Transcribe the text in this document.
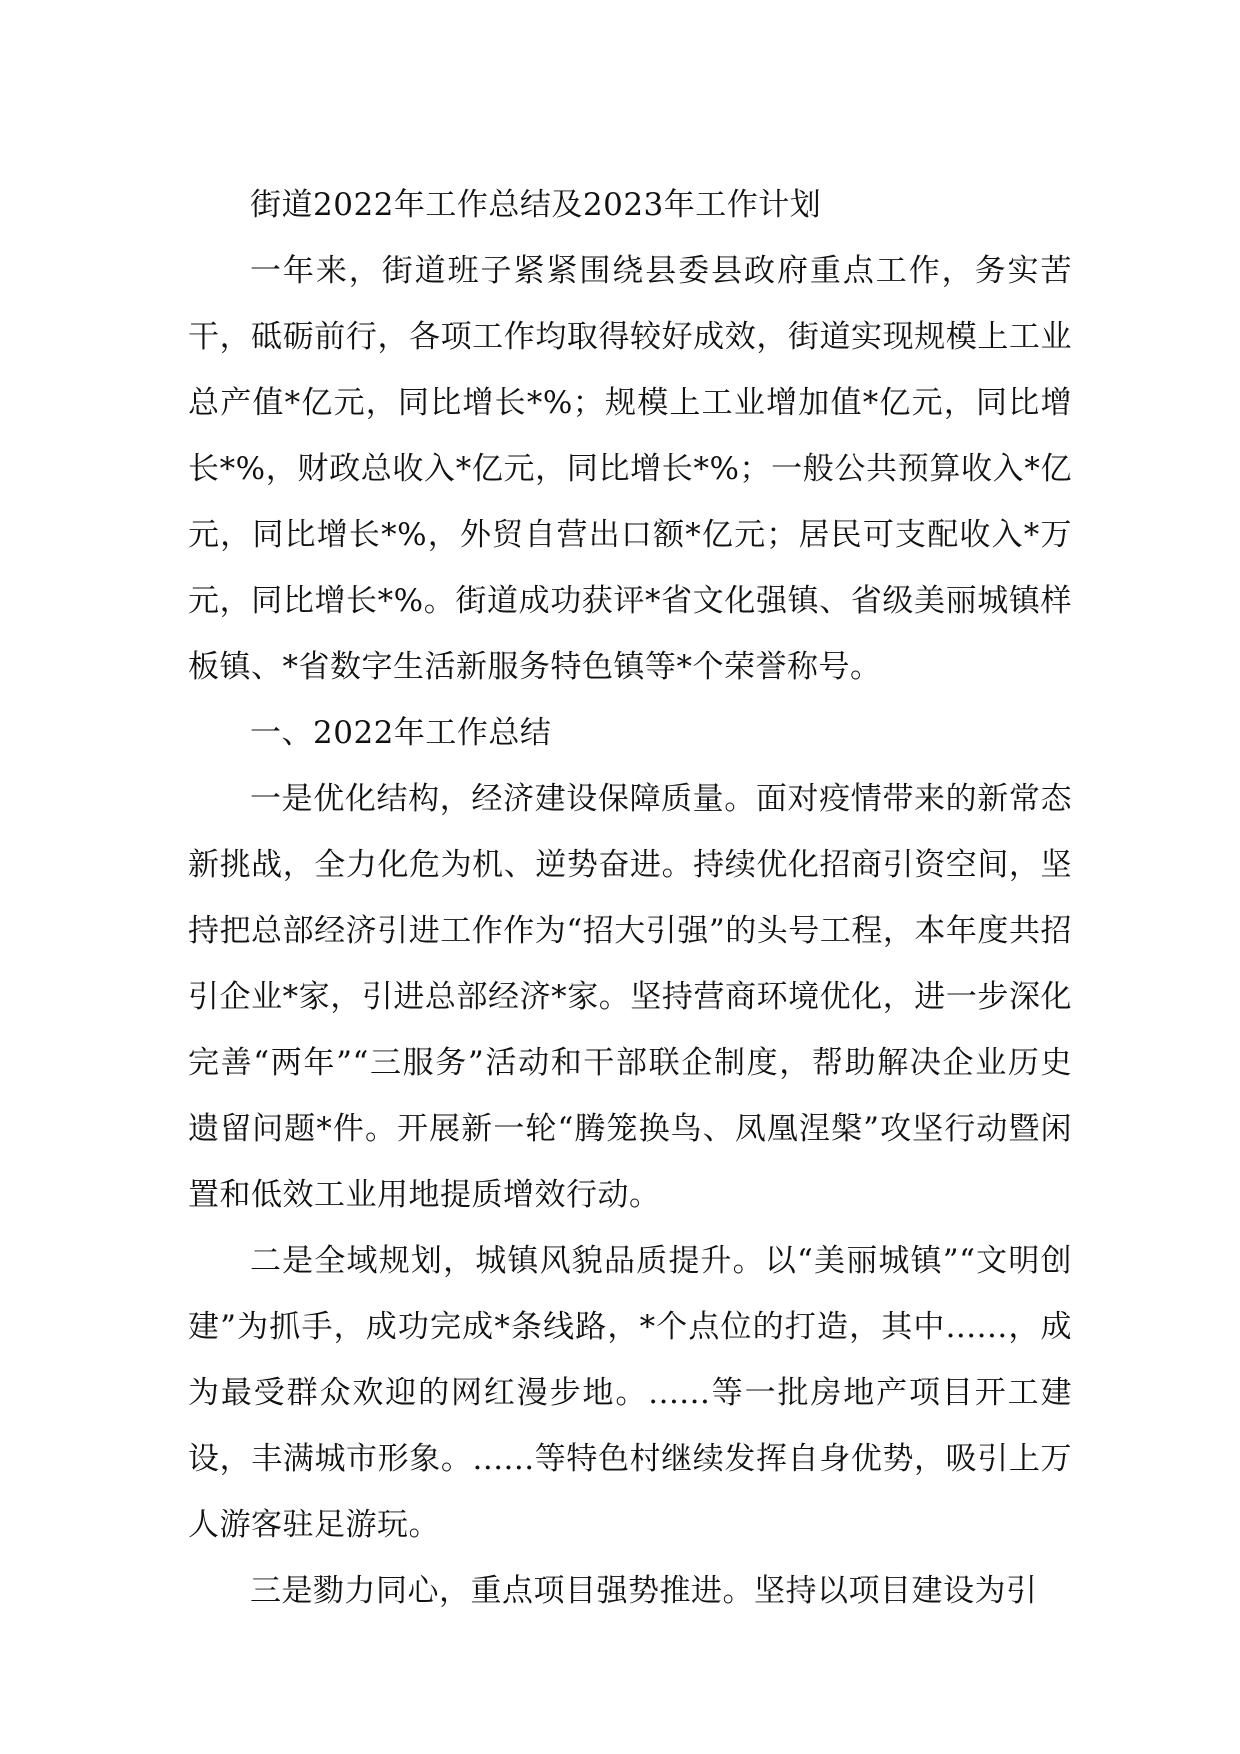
街道2022年工作总结及2023年工作计划

一年来，街道班子紧紧围绕县委县政府重点工作，务实苦干，砥砺前行，各项工作均取得较好成效，街道实现规模上工业总产值*亿元，同比增长*%；规模上工业增加值*亿元，同比增长*%，财政总收入*亿元，同比增长*%；一般公共预算收入*亿元，同比增长*%，外贸自营出口额*亿元；居民可支配收入*万元，同比增长*%。街道成功获评*省文化强镇、省级美丽城镇样板镇、*省数字生活新服务特色镇等*个荣誉称号。

一、2022年工作总结

一是优化结构，经济建设保障质量。面对疫情带来的新常态新挑战，全力化危为机、逆势奋进。持续优化招商引资空间，坚持把总部经济引进工作作为“招大引强”的头号工程，本年度共招引企业*家，引进总部经济*家。坚持营商环境优化，进一步深化完善“两年”“三服务”活动和干部联企制度，帮助解决企业历史遗留问题*件。开展新一轮“腾笼换鸟、凤凰涅槃”攻坚行动暨闲置和低效工业用地提质增效行动。

二是全域规划，城镇风貌品质提升。以“美丽城镇”“文明创建”为抓手，成功完成*条线路，*个点位的打造，其中......，成为最受群众欢迎的网红漫步地。......等一批房地产项目开工建设，丰满城市形象。......等特色村继续发挥自身优势，吸引上万人游客驻足游玩。

三是勠力同心，重点项目强势推进。坚持以项目建设为引
